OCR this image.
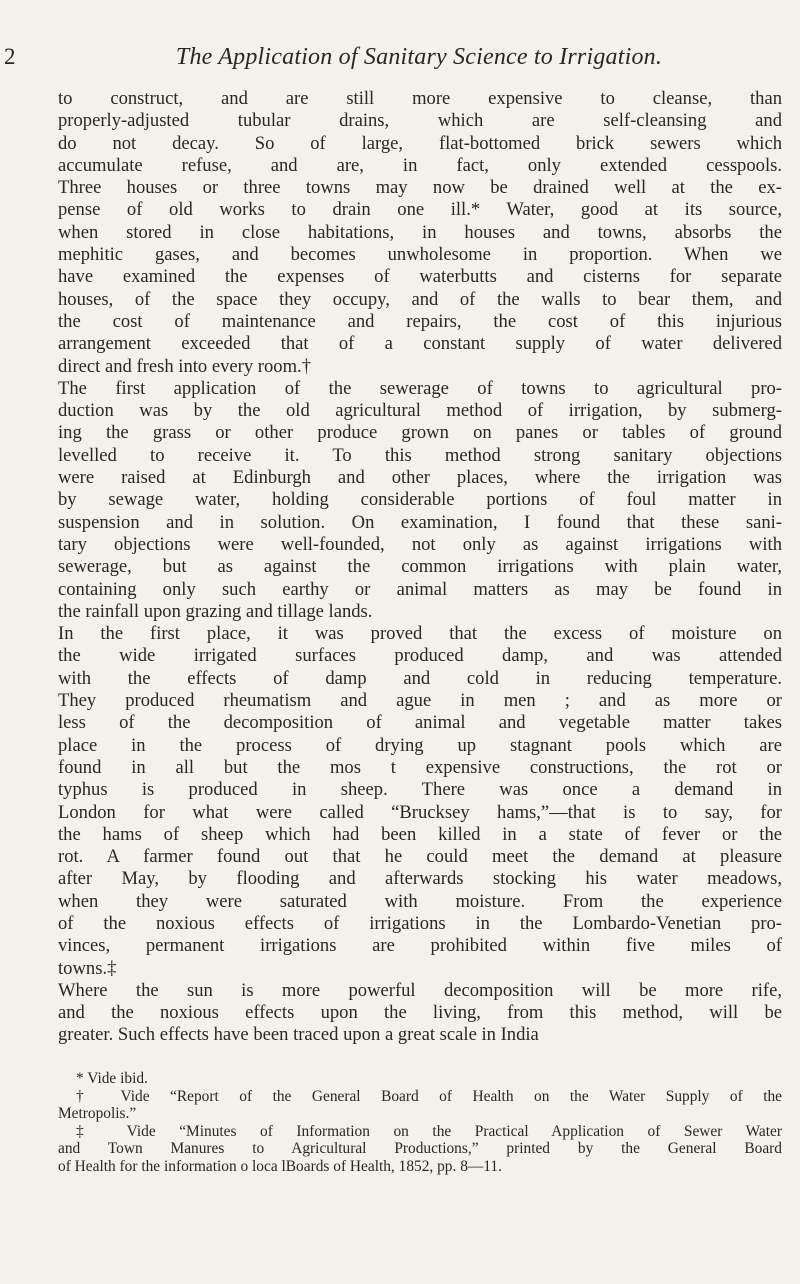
2	The Application of Sanitary Science to Irrigation.
to construct, and are still more expensive to cleanse, than
properly-adjusted tubular drains, which are self-cleansing and
do not decay. So of large, flat-bottomed brick sewers which
accumulate refuse, and are, in fact, only extended cesspools.
Three houses or three towns may now be drained well at the ex-
pense of old works to drain one ill.* Water, good at its source,
when stored in close habitations, in houses and towns, absorbs the
mephitic gases, and becomes unwholesome in proportion. When we
have examined the expenses of waterbutts and cisterns for separate
houses, of the space they occupy, and of the walls to bear them, and
the cost of maintenance and repairs, the cost of this injurious
arrangement exceeded that of a constant supply of water delivered
direct and fresh into every room.†
The first application of the sewerage of towns to agricultural pro-
duction was by the old agricultural method of irrigation, by submerg-
ing the grass or other produce grown on panes or tables of ground
levelled to receive it. To this method strong sanitary objections
were raised at Edinburgh and other places, where the irrigation was
by sewage water, holding considerable portions of foul matter in
suspension and in solution. On examination, I found that these sani-
tary objections were well-founded, not only as against irrigations with
sewerage, but as against the common irrigations with plain water,
containing only such earthy or animal matters as may be found in
the rainfall upon grazing and tillage lands.
In the first place, it was proved that the excess of moisture on
the wide irrigated surfaces produced damp, and was attended
with the effects of damp and cold in reducing temperature.
They produced rheumatism and ague in men ; and as more or
less of the decomposition of animal and vegetable matter takes
place in the process of drying up stagnant pools which are
found in all but the mos t expensive constructions, the rot or
typhus is produced in sheep. There was once a demand in
London for what were called “Brucksey hams,”—that is to say, for
the hams of sheep which had been killed in a state of fever or the
rot. A farmer found out that he could meet the demand at pleasure
after May, by flooding and afterwards stocking his water meadows,
when they were saturated with moisture. From the experience
of the noxious effects of irrigations in the Lombardo-Venetian pro-
vinces, permanent irrigations are prohibited within five miles of
towns.‡
Where the sun is more powerful decomposition will be more rife,
and the noxious effects upon the living, from this method, will be
greater. Such effects have been traced upon a great scale in India
* Vide ibid.
† Vide “Report of the General Board of Health on the Water Supply of the
Metropolis.”
‡ Vide “Minutes of Information on the Practical Application of Sewer Water
and Town Manures to Agricultural Productions,” printed by the General Board
of Health for the information o loca lBoards of Health, 1852, pp. 8—11.
